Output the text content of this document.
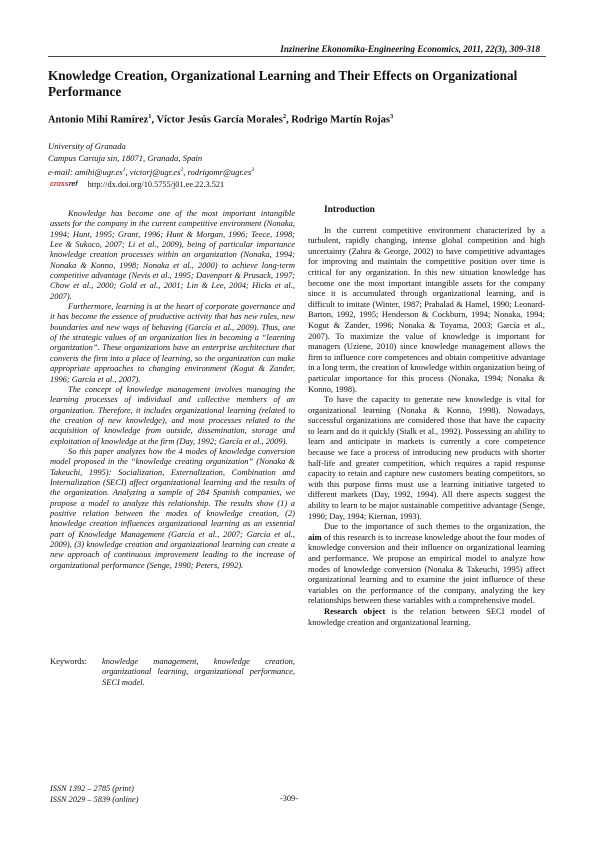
Inzinerine Ekonomika-Engineering Economics, 2011, 22(3), 309-318
Knowledge Creation, Organizational Learning and Their Effects on Organizational Performance
Antonio Mihi Ramírez$^1$, Víctor Jesús García Morales$^2$, Rodrigo Martín Rojas$^3$
University of Granada
Campus Cartuja sin, 18071, Granada, Spain
e-mail: $amihi@ugr.es^1$, $victorj@ugr.es^2$, $rodrigomr@ugr.es^3$
crossref http://dx.doi.org/10.5755/j01.ee.22.3.521

Knowledge has become one of the most important intangible assets for the company in the current competitive environment (Nonaka, 1994; Hunt, 1995; Grant, 1996; Hunt & Morgan, 1996; Teece, 1998; Lee & Sukoco, 2007; Li et al., 2009), being of particular importance knowledge creation processes within an organization (Nonaka, 1994; Nonaka & Konno, 1998; Nonaka et al., 2000) to achieve long-term competitive advantage (Nevis et al., 1995; Davenport & Prusack, 1997; Chow et al., 2000; Gold et al., 2001; Lin & Lee, 2004; Hicks et al., 2007).

Furthermore, learning is at the heart of corporate governance and it has become the essence of productive activity that has new rules, new boundaries and new ways of behaving (García et al., 2009). Thus, one of the strategic values of an organization lies in becoming a “learning organization”. These organizations have an enterprise architecture that converts the firm into a place of learning, so the organization can make appropriate approaches to changing environment (Kogut & Zander, 1996; García et al., 2007).

The concept of knowledge management involves managing the learning processes of individual and collective members of an organization. Therefore, it includes organizational learning (related to the creation of new knowledge), and most processes related to the acquisition of knowledge from outside, dissemination, storage and exploitation of knowledge at the firm (Day, 1992; García et al., 2009).

So this paper analyzes how the 4 modes of knowledge conversion model proposed in the “knowledge creating organization” (Nonaka & Takeuchi, 1995): Socialization, Externalization, Combination and Internalization (SECI) affect organizational learning and the results of the organization. Analyzing a sample of 284 Spanish companies, we propose a model to analyze this relationship. The results show (1) a positive relation between the modes of knowledge creation, (2) knowledge creation influences organizational learning as an essential part of Knowledge Management (García et al., 2007; García et al., 2009), (3) knowledge creation and organizational learning can create a new approach of continuous improvement leading to the increase of organizational performance (Senge, 1990; Peters, 1992).

Keywords:	knowledge management, knowledge creation, organizational learning, organizational performance, SECI model.

Introduction

In the current competitive environment characterized by a turbulent, rapidly changing, intense global competition and high uncertainty (Zahra & George, 2002) to have competitive advantages for improving and maintain the competitive position over time is critical for any organization. In this new situation knowledge has become one the most important intangible assets for the company since it is accumulated through organizational learning, and is difficult to imitate (Winter, 1987; Prahalad & Hamel, 1990; Leonard-Barton, 1992, 1995; Henderson & Cockburn, 1994; Nonaka, 1994; Kogut & Zander, 1996; Nonaka & Toyama, 2003; García et al., 2007). To maximize the value of knowledge is important for managers (Uziene, 2010) since knowledge management allows the firm to influence core competences and obtain competitive advantage in a long term, the creation of knowledge within organization being of particular importance for this process (Nonaka, 1994; Nonaka & Konno, 1998).

To have the capacity to generate new knowledge is vital for organizational learning (Nonaka & Konno, 1998). Nowadays, successful organizations are considered those that have the capacity to learn and do it quickly (Stalk et al., 1992). Possessing an ability to learn and anticipate in markets is currently a core competence because we face a process of introducing new products with shorter half-life and greater competition, which requires a rapid response capacity to retain and capture new customers beating competitors, so with this purpose firms must use a learning initiative targeted to different markets (Day, 1992, 1994). All there aspects suggest the ability to learn to be major sustainable competitive advantage (Senge, 1990; Day, 1994; Kiernan, 1993).

Due to the importance of such themes to the organization, the aim of this research is to increase knowledge about the four modes of knowledge conversion and their influence on organizational learning and performance. We propose an empirical model to analyze how modes of knowledge conversion (Nonaka & Takeuchi, 1995) affect organizational learning and to examine the joint influence of these variables on the performance of the company, analyzing the key relationships between these variables with a comprehensive model.

Research object is the relation between SECI model of knowledge creation and organizational learning.

ISSN 1392 – 2785 (print)
ISSN 2029 – 5839 (online)	-309-
